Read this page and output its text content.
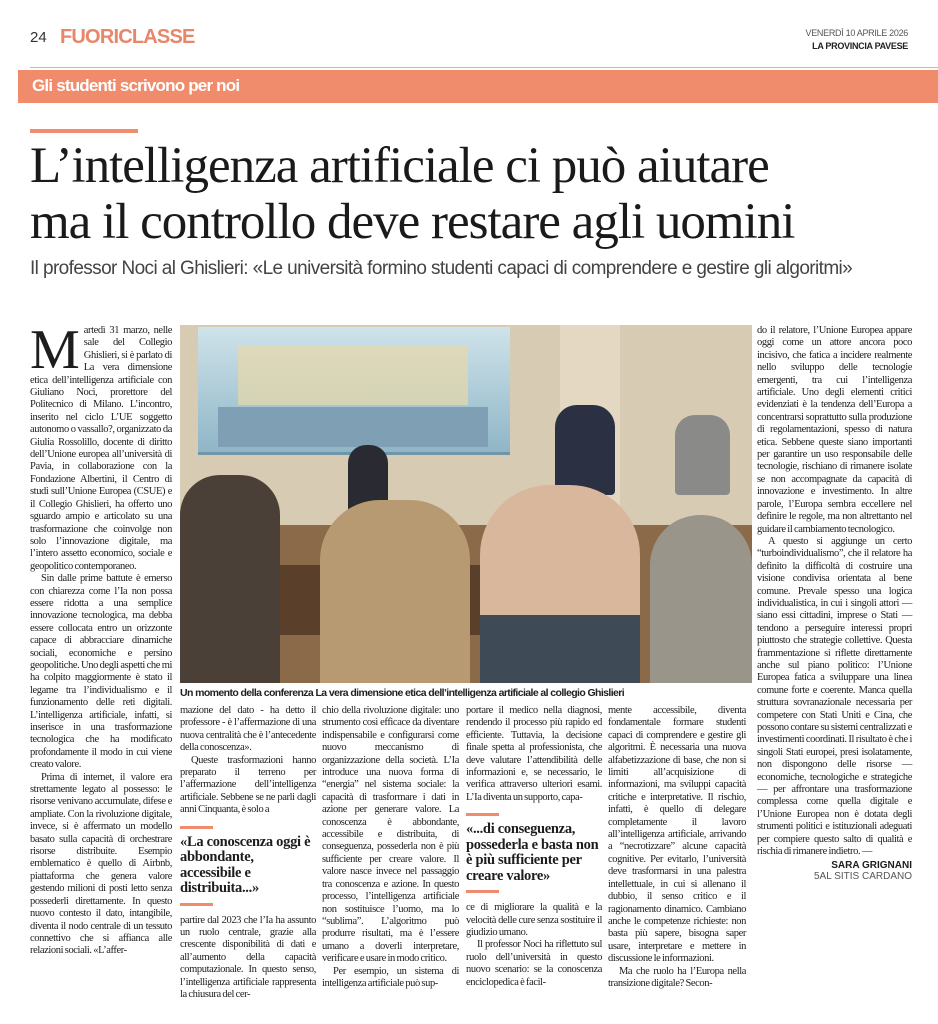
24 FUORICLASSE	VENERDÌ 10 APRILE 2026
LA PROVINCIA PAVESE
Gli studenti scrivono per noi
L’intelligenza artificiale ci può aiutare
ma il controllo deve restare agli uomini
Il professor Noci al Ghislieri: «Le università formino studenti capaci di comprendere e gestire gli algoritmi»

Martedì 31 marzo, nelle sale del Collegio Ghislieri, si è parlato di La vera dimensione etica dell’intelligenza artificiale con Giuliano Noci, prorettore del Politecnico di Milano. L’incontro, inserito nel ciclo L’UE soggetto autonomo o vassallo?, organizzato da Giulia Rossolillo, docente di diritto dell’Unione europea all’università di Pavia, in collaborazione con la Fondazione Albertini, il Centro di studi sull’Unione Europea (CSUE) e il Collegio Ghislieri, ha offerto uno sguardo ampio e articolato su una trasformazione che coinvolge non solo l’innovazione digitale, ma l’intero assetto economico, sociale e geopolitico contemporaneo.

Sin dalle prime battute è emerso con chiarezza come l’Ia non possa essere ridotta a una semplice innovazione tecnologica, ma debba essere collocata entro un orizzonte capace di abbracciare dinamiche sociali, economiche e persino geopolitiche. Uno degli aspetti che mi ha colpito maggiormente è stato il legame tra l’individualismo e il funzionamento delle reti digitali. L’intelligenza artificiale, infatti, si inserisce in una trasformazione tecnologica che ha modificato profondamente il modo in cui viene creato valore.

Prima di internet, il valore era strettamente legato al possesso: le risorse venivano accumulate, difese e ampliate. Con la rivoluzione digitale, invece, si è affermato un modello basato sulla capacità di orchestrare risorse distribuite. Esempio emblematico è quello di Airbnb, piattaforma che genera valore gestendo milioni di posti letto senza possederli direttamente. In questo nuovo contesto il dato, intangibile, diventa il nodo centrale di un tessuto connettivo che si affianca alle relazioni sociali. «L’affer-

Un momento della conferenza La vera dimensione etica dell’intelligenza artificiale al collegio Ghislieri

mazione del dato - ha detto il professore - è l’affermazione di una nuova centralità che è l’antecedente della conoscenza».

Queste trasformazioni hanno preparato il terreno per l’affermazione dell’intelligenza artificiale. Sebbene se ne parli dagli anni Cinquanta, è solo a

«La conoscenza oggi è abbondante, accessibile e distribuita...»

partire dal 2023 che l’Ia ha assunto un ruolo centrale, grazie alla crescente disponibilità di dati e all’aumento della capacità computazionale. In questo senso, l’intelligenza artificiale rappresenta la chiusura del cer-

chio della rivoluzione digitale: uno strumento così efficace da diventare indispensabile e configurarsi come nuovo meccanismo di organizzazione della società. L’Ia introduce una nuova forma di “energia” nel sistema sociale: la capacità di trasformare i dati in azione per generare valore. La conoscenza è abbondante, accessibile e distribuita, di conseguenza, possederla non è più sufficiente per creare valore. Il valore nasce invece nel passaggio tra conoscenza e azione. In questo processo, l’intelligenza artificiale non sostituisce l’uomo, ma lo “sublima”. L’algoritmo può produrre risultati, ma è l’essere umano a doverli interpretare, verificare e usare in modo critico.

Per esempio, un sistema di intelligenza artificiale può sup-

portare il medico nella diagnosi, rendendo il processo più rapido ed efficiente. Tuttavia, la decisione finale spetta al professionista, che deve valutare l’attendibilità delle informazioni e, se necessario, le verifica attraverso ulteriori esami. L’Ia diventa un supporto, capa-

«...di conseguenza, possederla e basta non è più sufficiente per creare valore»

ce di migliorare la qualità e la velocità delle cure senza sostituire il giudizio umano.

Il professor Noci ha riflettuto sul ruolo dell’università in questo nuovo scenario: se la conoscenza enciclopedica è facil-

mente accessibile, diventa fondamentale formare studenti capaci di comprendere e gestire gli algoritmi. È necessaria una nuova alfabetizzazione di base, che non si limiti all’acquisizione di informazioni, ma sviluppi capacità critiche e interpretative. Il rischio, infatti, è quello di delegare completamente il lavoro all’intelligenza artificiale, arrivando a “necrotizzare” alcune capacità cognitive. Per evitarlo, l’università deve trasformarsi in una palestra intellettuale, in cui si allenano il dubbio, il senso critico e il ragionamento dinamico. Cambiano anche le competenze richieste: non basta più sapere, bisogna saper usare, interpretare e mettere in discussione le informazioni.

Ma che ruolo ha l’Europa nella transizione digitale? Secon-

do il relatore, l’Unione Europea appare oggi come un attore ancora poco incisivo, che fatica a incidere realmente nello sviluppo delle tecnologie emergenti, tra cui l’intelligenza artificiale. Uno degli elementi critici evidenziati è la tendenza dell’Europa a concentrarsi soprattutto sulla produzione di regolamentazioni, spesso di natura etica. Sebbene queste siano importanti per garantire un uso responsabile delle tecnologie, rischiano di rimanere isolate se non accompagnate da capacità di innovazione e investimento. In altre parole, l’Europa sembra eccellere nel definire le regole, ma non altrettanto nel guidare il cambiamento tecnologico.

A questo si aggiunge un certo “turboindividualismo”, che il relatore ha definito la difficoltà di costruire una visione condivisa orientata al bene comune. Prevale spesso una logica individualistica, in cui i singoli attori — siano essi cittadini, imprese o Stati — tendono a perseguire interessi propri piuttosto che strategie collettive. Questa frammentazione si riflette direttamente anche sul piano politico: l’Unione Europea fatica a sviluppare una linea comune forte e coerente. Manca quella struttura sovranazionale necessaria per competere con Stati Uniti e Cina, che possono contare su sistemi centralizzati e investimenti coordinati. Il risultato è che i singoli Stati europei, presi isolatamente, non dispongono delle risorse — economiche, tecnologiche e strategiche — per affrontare una trasformazione complessa come quella digitale e l’Unione Europea non è dotata degli strumenti politici e istituzionali adeguati per compiere questo salto di qualità e rischia di rimanere indietro. —

SARA GRIGNANI
5AL SITIS CARDANO
